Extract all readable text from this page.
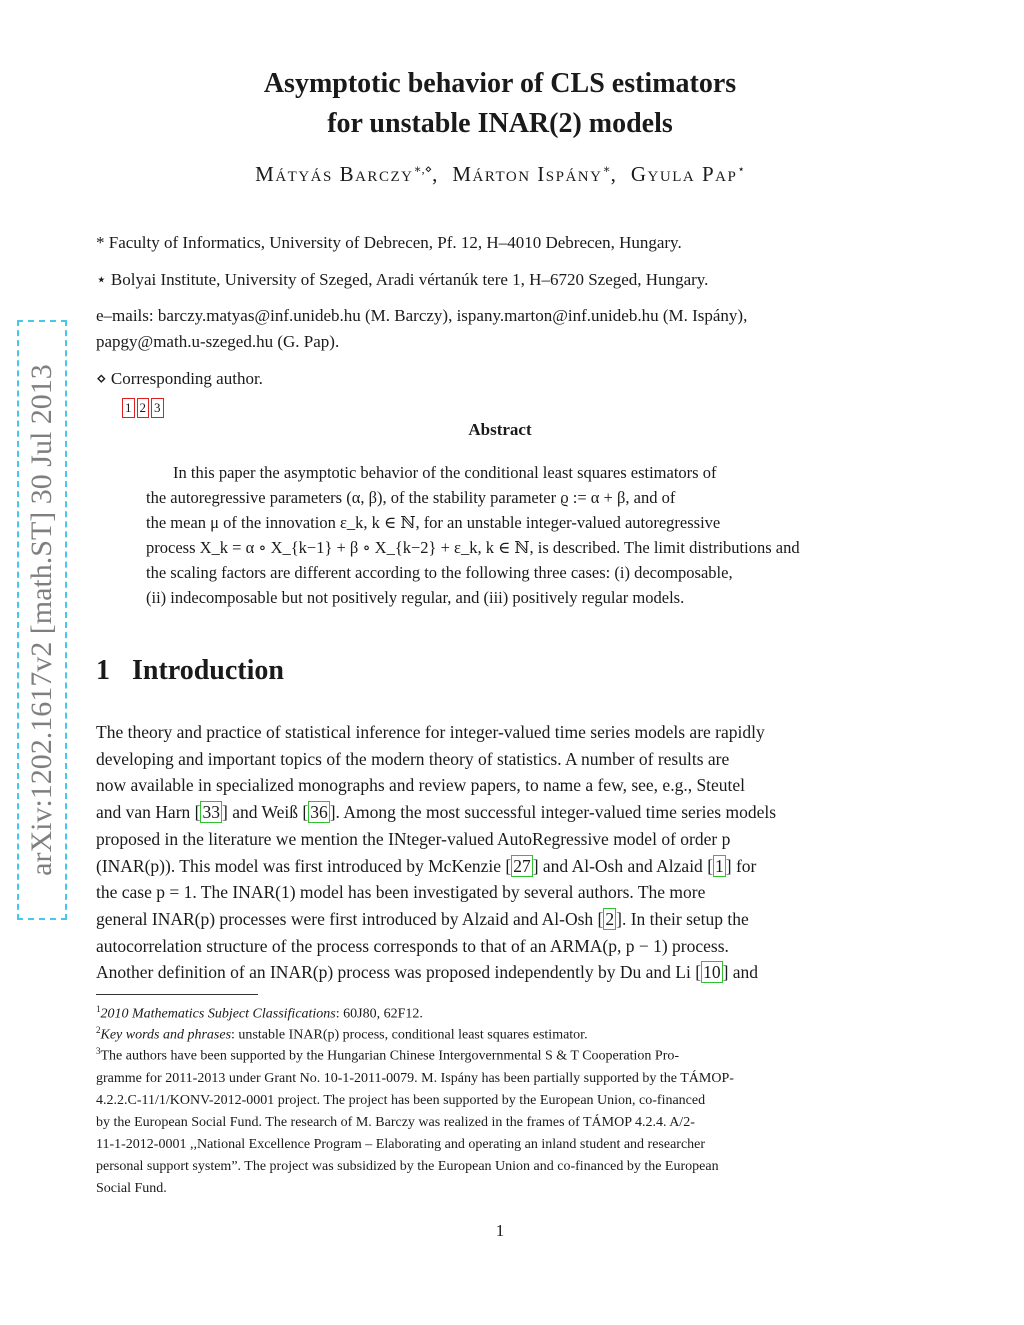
arXiv:1202.1617v2 [math.ST] 30 Jul 2013
Asymptotic behavior of CLS estimators
for unstable INAR(2) models
Mátyás Barczy∗,⋄,  Márton Ispány∗,  Gyula Pap⋆
* Faculty of Informatics, University of Debrecen, Pf. 12, H–4010 Debrecen, Hungary.
⋆ Bolyai Institute, University of Szeged, Aradi vértanúk tere 1, H–6720 Szeged, Hungary.
e–mails: barczy.matyas@inf.unideb.hu (M. Barczy), ispany.marton@inf.unideb.hu (M. Ispány),
papgy@math.u-szeged.hu (G. Pap).
⋄ Corresponding author.
1 2 3
Abstract
In this paper the asymptotic behavior of the conditional least squares estimators of
the autoregressive parameters (α, β), of the stability parameter ϱ := α + β, and of
the mean μ of the innovation ε_k, k ∈ ℕ, for an unstable integer-valued autoregressive
process X_k = α ∘ X_{k−1} + β ∘ X_{k−2} + ε_k, k ∈ ℕ, is described. The limit distributions and
the scaling factors are different according to the following three cases: (i) decomposable,
(ii) indecomposable but not positively regular, and (iii) positively regular models.
1 Introduction
The theory and practice of statistical inference for integer-valued time series models are rapidly
developing and important topics of the modern theory of statistics. A number of results are
now available in specialized monographs and review papers, to name a few, see, e.g., Steutel
and van Harn [ 33 ] and Weiß [ 36 ]. Among the most successful integer-valued time series models
proposed in the literature we mention the INteger-valued AutoRegressive model of order p
(INAR(p)). This model was first introduced by McKenzie [ 27 ] and Al-Osh and Alzaid [ 1 ] for
the case p = 1. The INAR(1) model has been investigated by several authors. The more
general INAR(p) processes were first introduced by Alzaid and Al-Osh [ 2 ]. In their setup the
autocorrelation structure of the process corresponds to that of an ARMA(p, p − 1) process.
Another definition of an INAR(p) process was proposed independently by Du and Li [ 10 ] and
$^1$2010 Mathematics Subject Classifications: 60J80, 62F12.
$^2$Key words and phrases: unstable INAR(p) process, conditional least squares estimator.
$^3$The authors have been supported by the Hungarian Chinese Intergovernmental S & T Cooperation Pro-
gramme for 2011-2013 under Grant No. 10-1-2011-0079. M. Ispány has been partially supported by the TÁMOP-
4.2.2.C-11/1/KONV-2012-0001 project. The project has been supported by the European Union, co-financed
by the European Social Fund. The research of M. Barczy was realized in the frames of TÁMOP 4.2.4. A/2-
11-1-2012-0001 ,,National Excellence Program – Elaborating and operating an inland student and researcher
personal support system”. The project was subsidized by the European Union and co-financed by the European
Social Fund.
1
